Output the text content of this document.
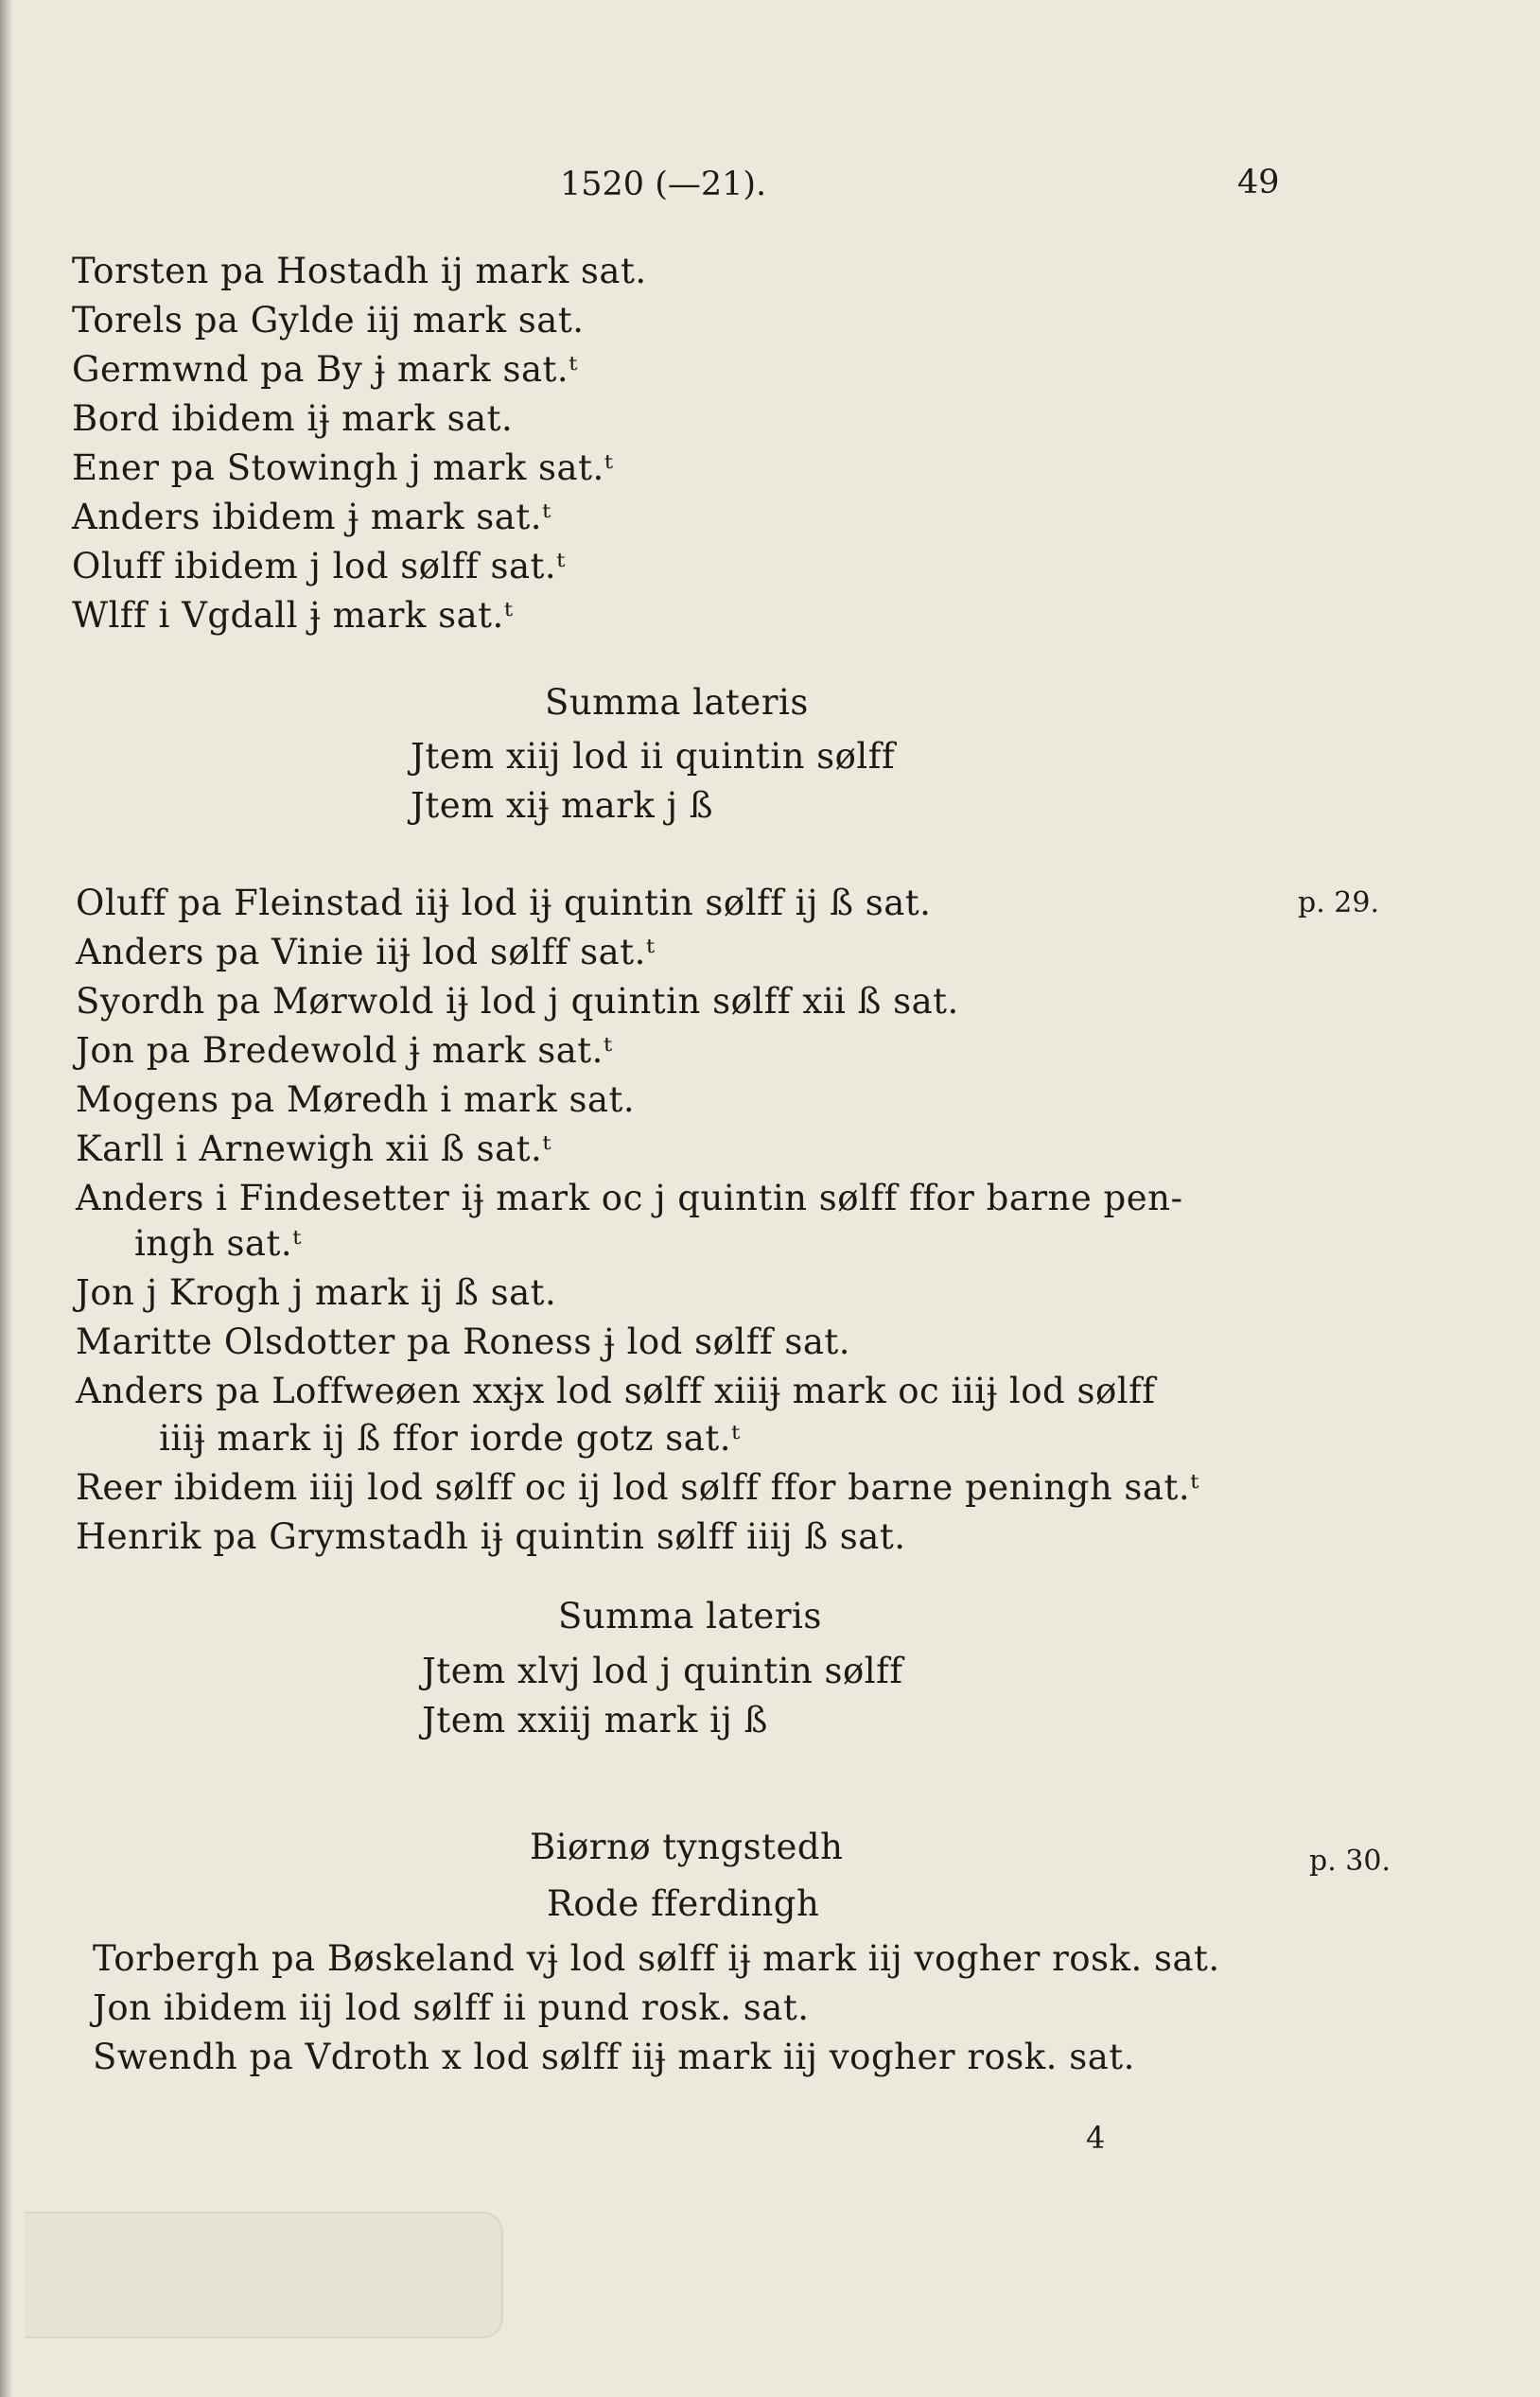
1520 (—21).	49
Torsten pa Hostadh ij mark sat.
Torels pa Gylde iij mark sat.
Germwnd pa By ɉ mark sat.ᵗ
Bord ibidem iɉ mark sat.
Ener pa Stowingh j mark sat.ᵗ
Anders ibidem ɉ mark sat.ᵗ
Oluff ibidem j lod sølff sat.ᵗ
Wlff i Vgdall ɉ mark sat.ᵗ
Summa lateris
Jtem xiij lod ii quintin sølff
Jtem xiɉ mark j ß
p. 29.
Oluff pa Fleinstad iiɉ lod iɉ quintin sølff ij ß sat.
Anders pa Vinie iiɉ lod sølff sat.ᵗ
Syordh pa Mørwold iɉ lod j quintin sølff xii ß sat.
Jon pa Bredewold ɉ mark sat.ᵗ
Mogens pa Møredh i mark sat.
Karll i Arnewigh xii ß sat.ᵗ
Anders i Findesetter iɉ mark oc j quintin sølff ffor barne pen-
ingh sat.ᵗ
Jon j Krogh j mark ij ß sat.
Maritte Olsdotter pa Roness ɉ lod sølff sat.
Anders pa Loffweøen xxɉx lod sølff xiiiɉ mark oc iiiɉ lod sølff
iiiɉ mark ij ß ffor iorde gotz sat.ᵗ
Reer ibidem iiij lod sølff oc ij lod sølff ffor barne peningh sat.ᵗ
Henrik pa Grymstadh iɉ quintin sølff iiij ß sat.
Summa lateris
Jtem xlvj lod j quintin sølff
Jtem xxiij mark ij ß
p. 30.
Biørnø tyngstedh
Rode fferdingh
Torbergh pa Bøskeland vɉ lod sølff iɉ mark iij vogher rosk. sat.
Jon ibidem iij lod sølff ii pund rosk. sat.
Swendh pa Vdroth x lod sølff iiɉ mark iij vogher rosk. sat.
4
